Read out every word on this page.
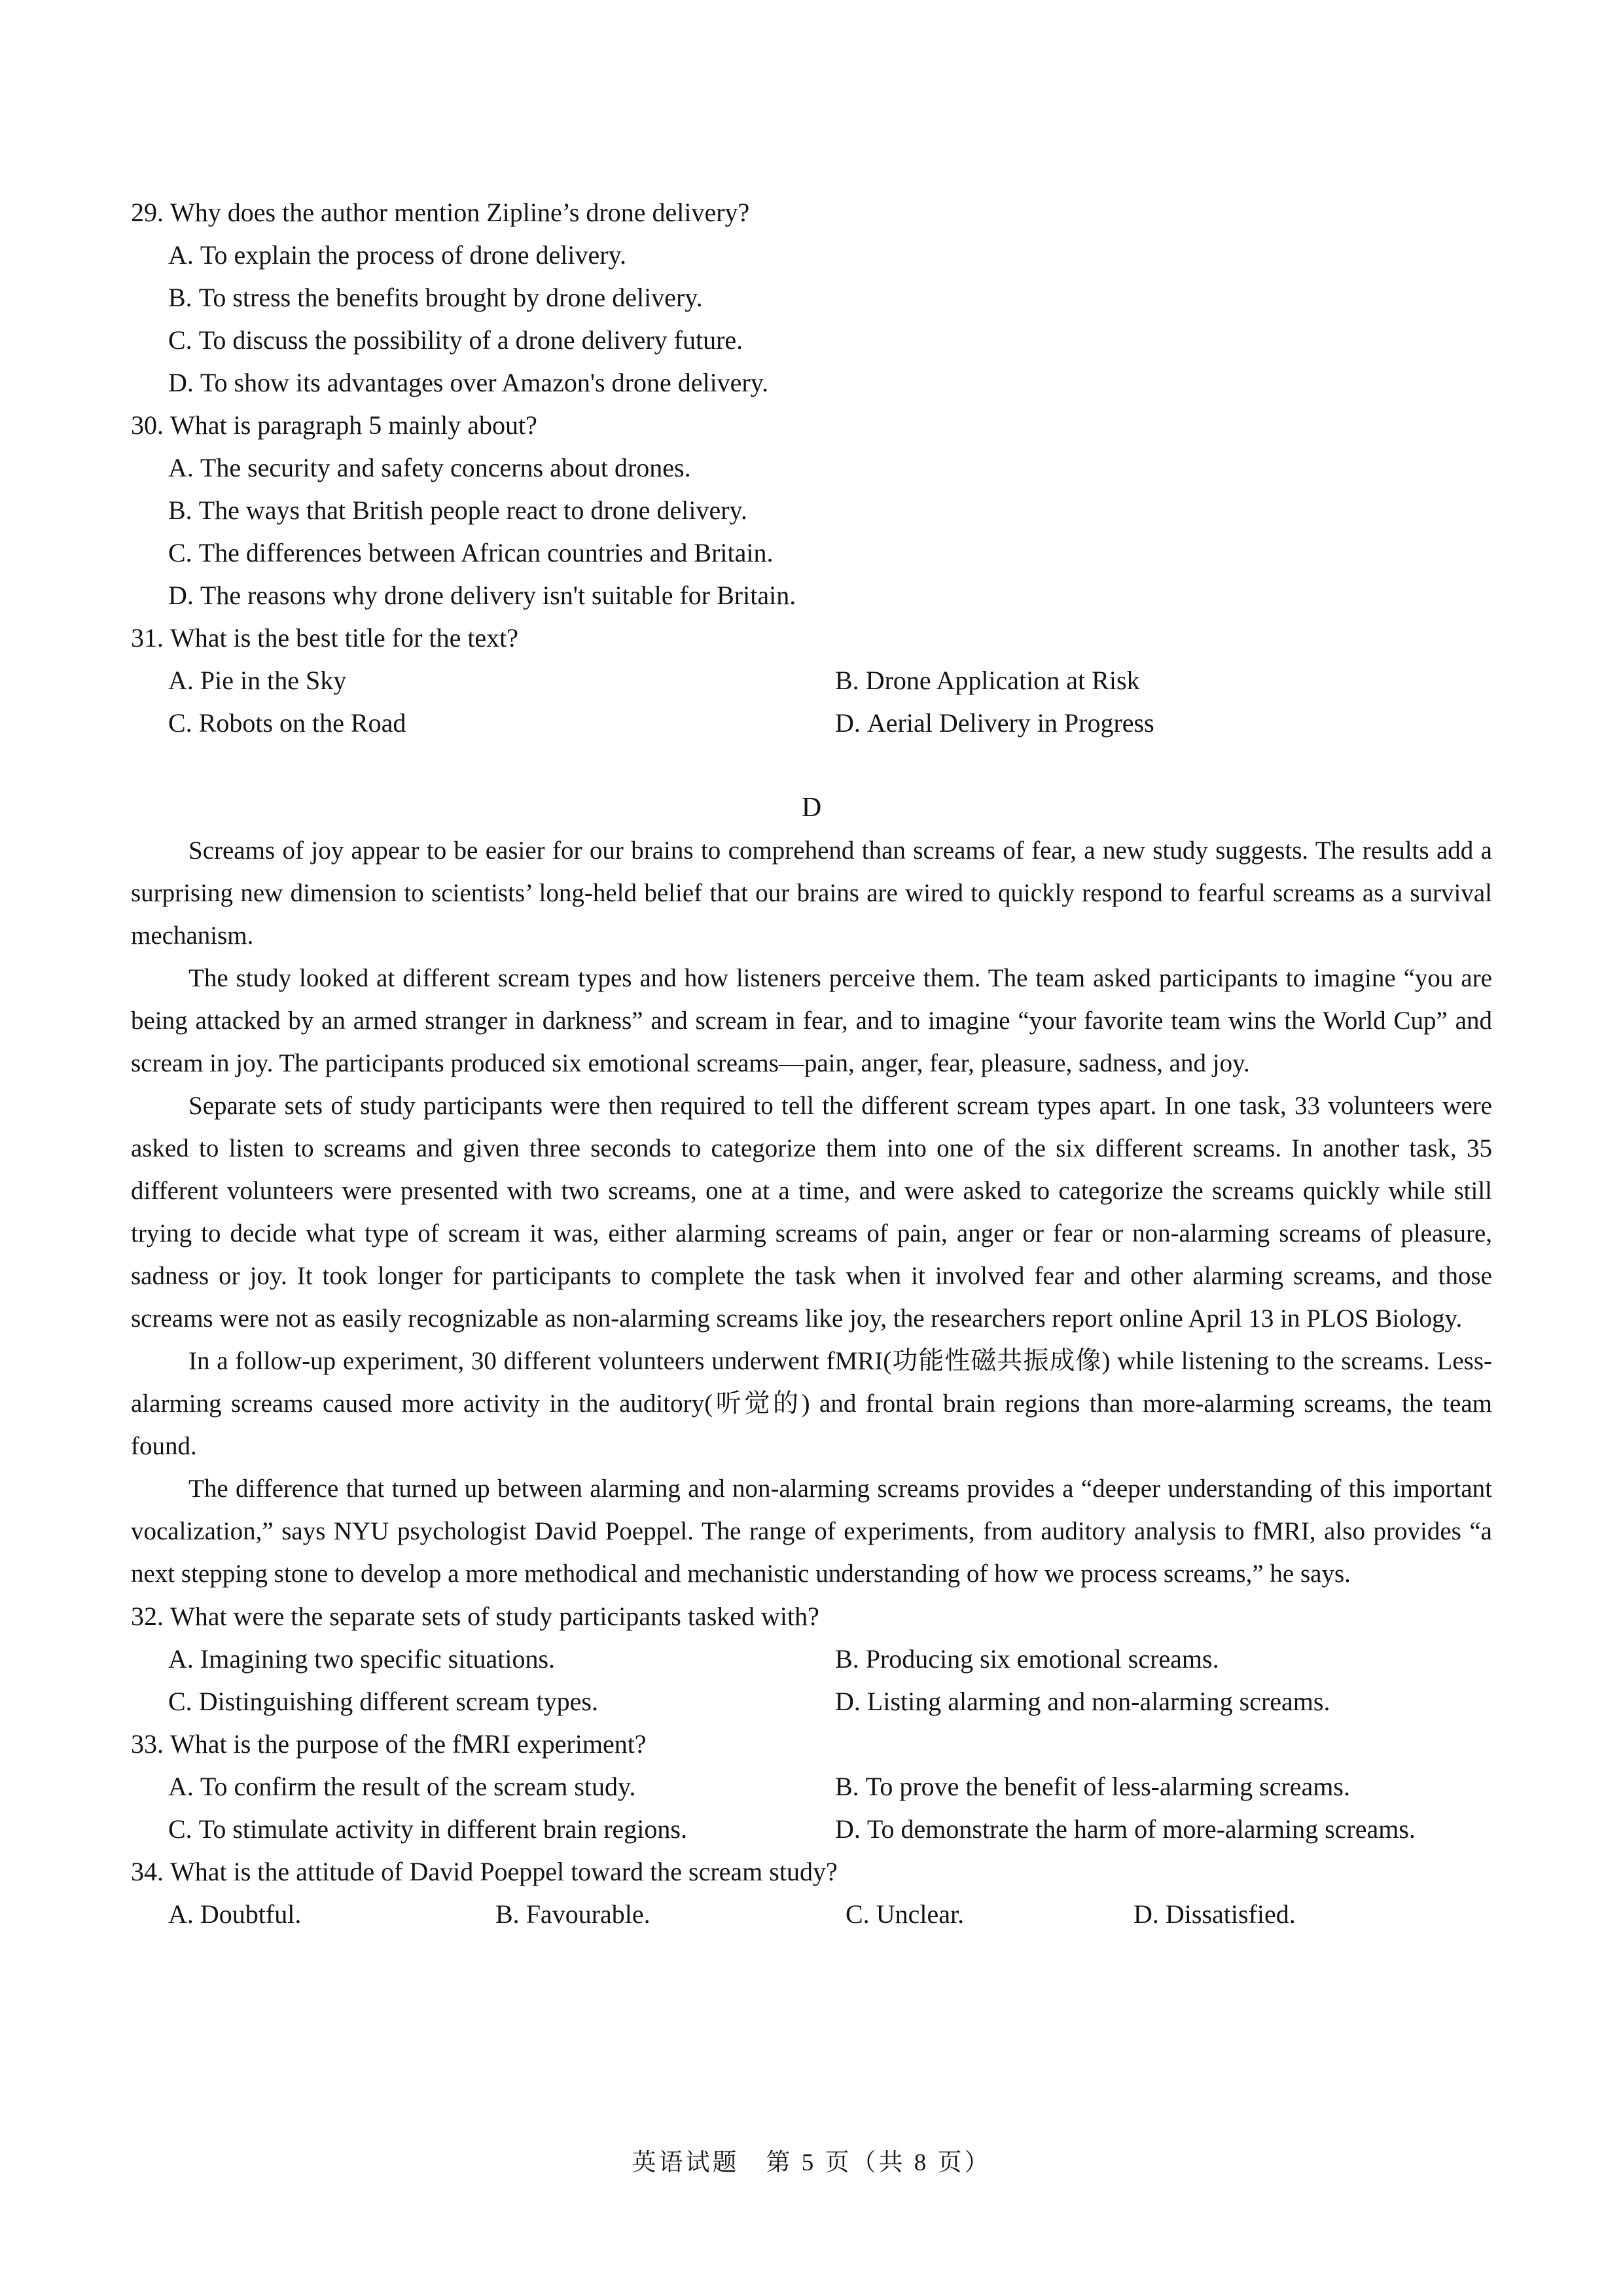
29. Why does the author mention Zipline’s drone delivery?
A. To explain the process of drone delivery.
B. To stress the benefits brought by drone delivery.
C. To discuss the possibility of a drone delivery future.
D. To show its advantages over Amazon's drone delivery.
30. What is paragraph 5 mainly about?
A. The security and safety concerns about drones.
B. The ways that British people react to drone delivery.
C. The differences between African countries and Britain.
D. The reasons why drone delivery isn't suitable for Britain.
31. What is the best title for the text?
A. Pie in the Sky	B. Drone Application at Risk
C. Robots on the Road	D. Aerial Delivery in Progress
D

Screams of joy appear to be easier for our brains to comprehend than screams of fear, a new study suggests. The results add a surprising new dimension to scientists’ long-held belief that our brains are wired to quickly respond to fearful screams as a survival mechanism.

The study looked at different scream types and how listeners perceive them. The team asked participants to imagine “you are being attacked by an armed stranger in darkness” and scream in fear, and to imagine “your favorite team wins the World Cup” and scream in joy. The participants produced six emotional screams—pain, anger, fear, pleasure, sadness, and joy.

Separate sets of study participants were then required to tell the different scream types apart. In one task, 33 volunteers were asked to listen to screams and given three seconds to categorize them into one of the six different screams. In another task, 35 different volunteers were presented with two screams, one at a time, and were asked to categorize the screams quickly while still trying to decide what type of scream it was, either alarming screams of pain, anger or fear or non-alarming screams of pleasure, sadness or joy. It took longer for participants to complete the task when it involved fear and other alarming screams, and those screams were not as easily recognizable as non-alarming screams like joy, the researchers report online April 13 in PLOS Biology.

In a follow-up experiment, 30 different volunteers underwent fMRI(功能性磁共振成像) while listening to the screams. Less-alarming screams caused more activity in the auditory(听觉的) and frontal brain regions than more-alarming screams, the team found.

The difference that turned up between alarming and non-alarming screams provides a “deeper understanding of this important vocalization,” says NYU psychologist David Poeppel. The range of experiments, from auditory analysis to fMRI, also provides “a next stepping stone to develop a more methodical and mechanistic understanding of how we process screams,” he says.

32. What were the separate sets of study participants tasked with?
A. Imagining two specific situations.	B. Producing six emotional screams.
C. Distinguishing different scream types.	D. Listing alarming and non-alarming screams.
33. What is the purpose of the fMRI experiment?
A. To confirm the result of the scream study.	B. To prove the benefit of less-alarming screams.
C. To stimulate activity in different brain regions.	D. To demonstrate the harm of more-alarming screams.
34. What is the attitude of David Poeppel toward the scream study?
A. Doubtful.	B. Favourable.	C. Unclear.	D. Dissatisfied.
英语试题　第 5 页（共 8 页）
